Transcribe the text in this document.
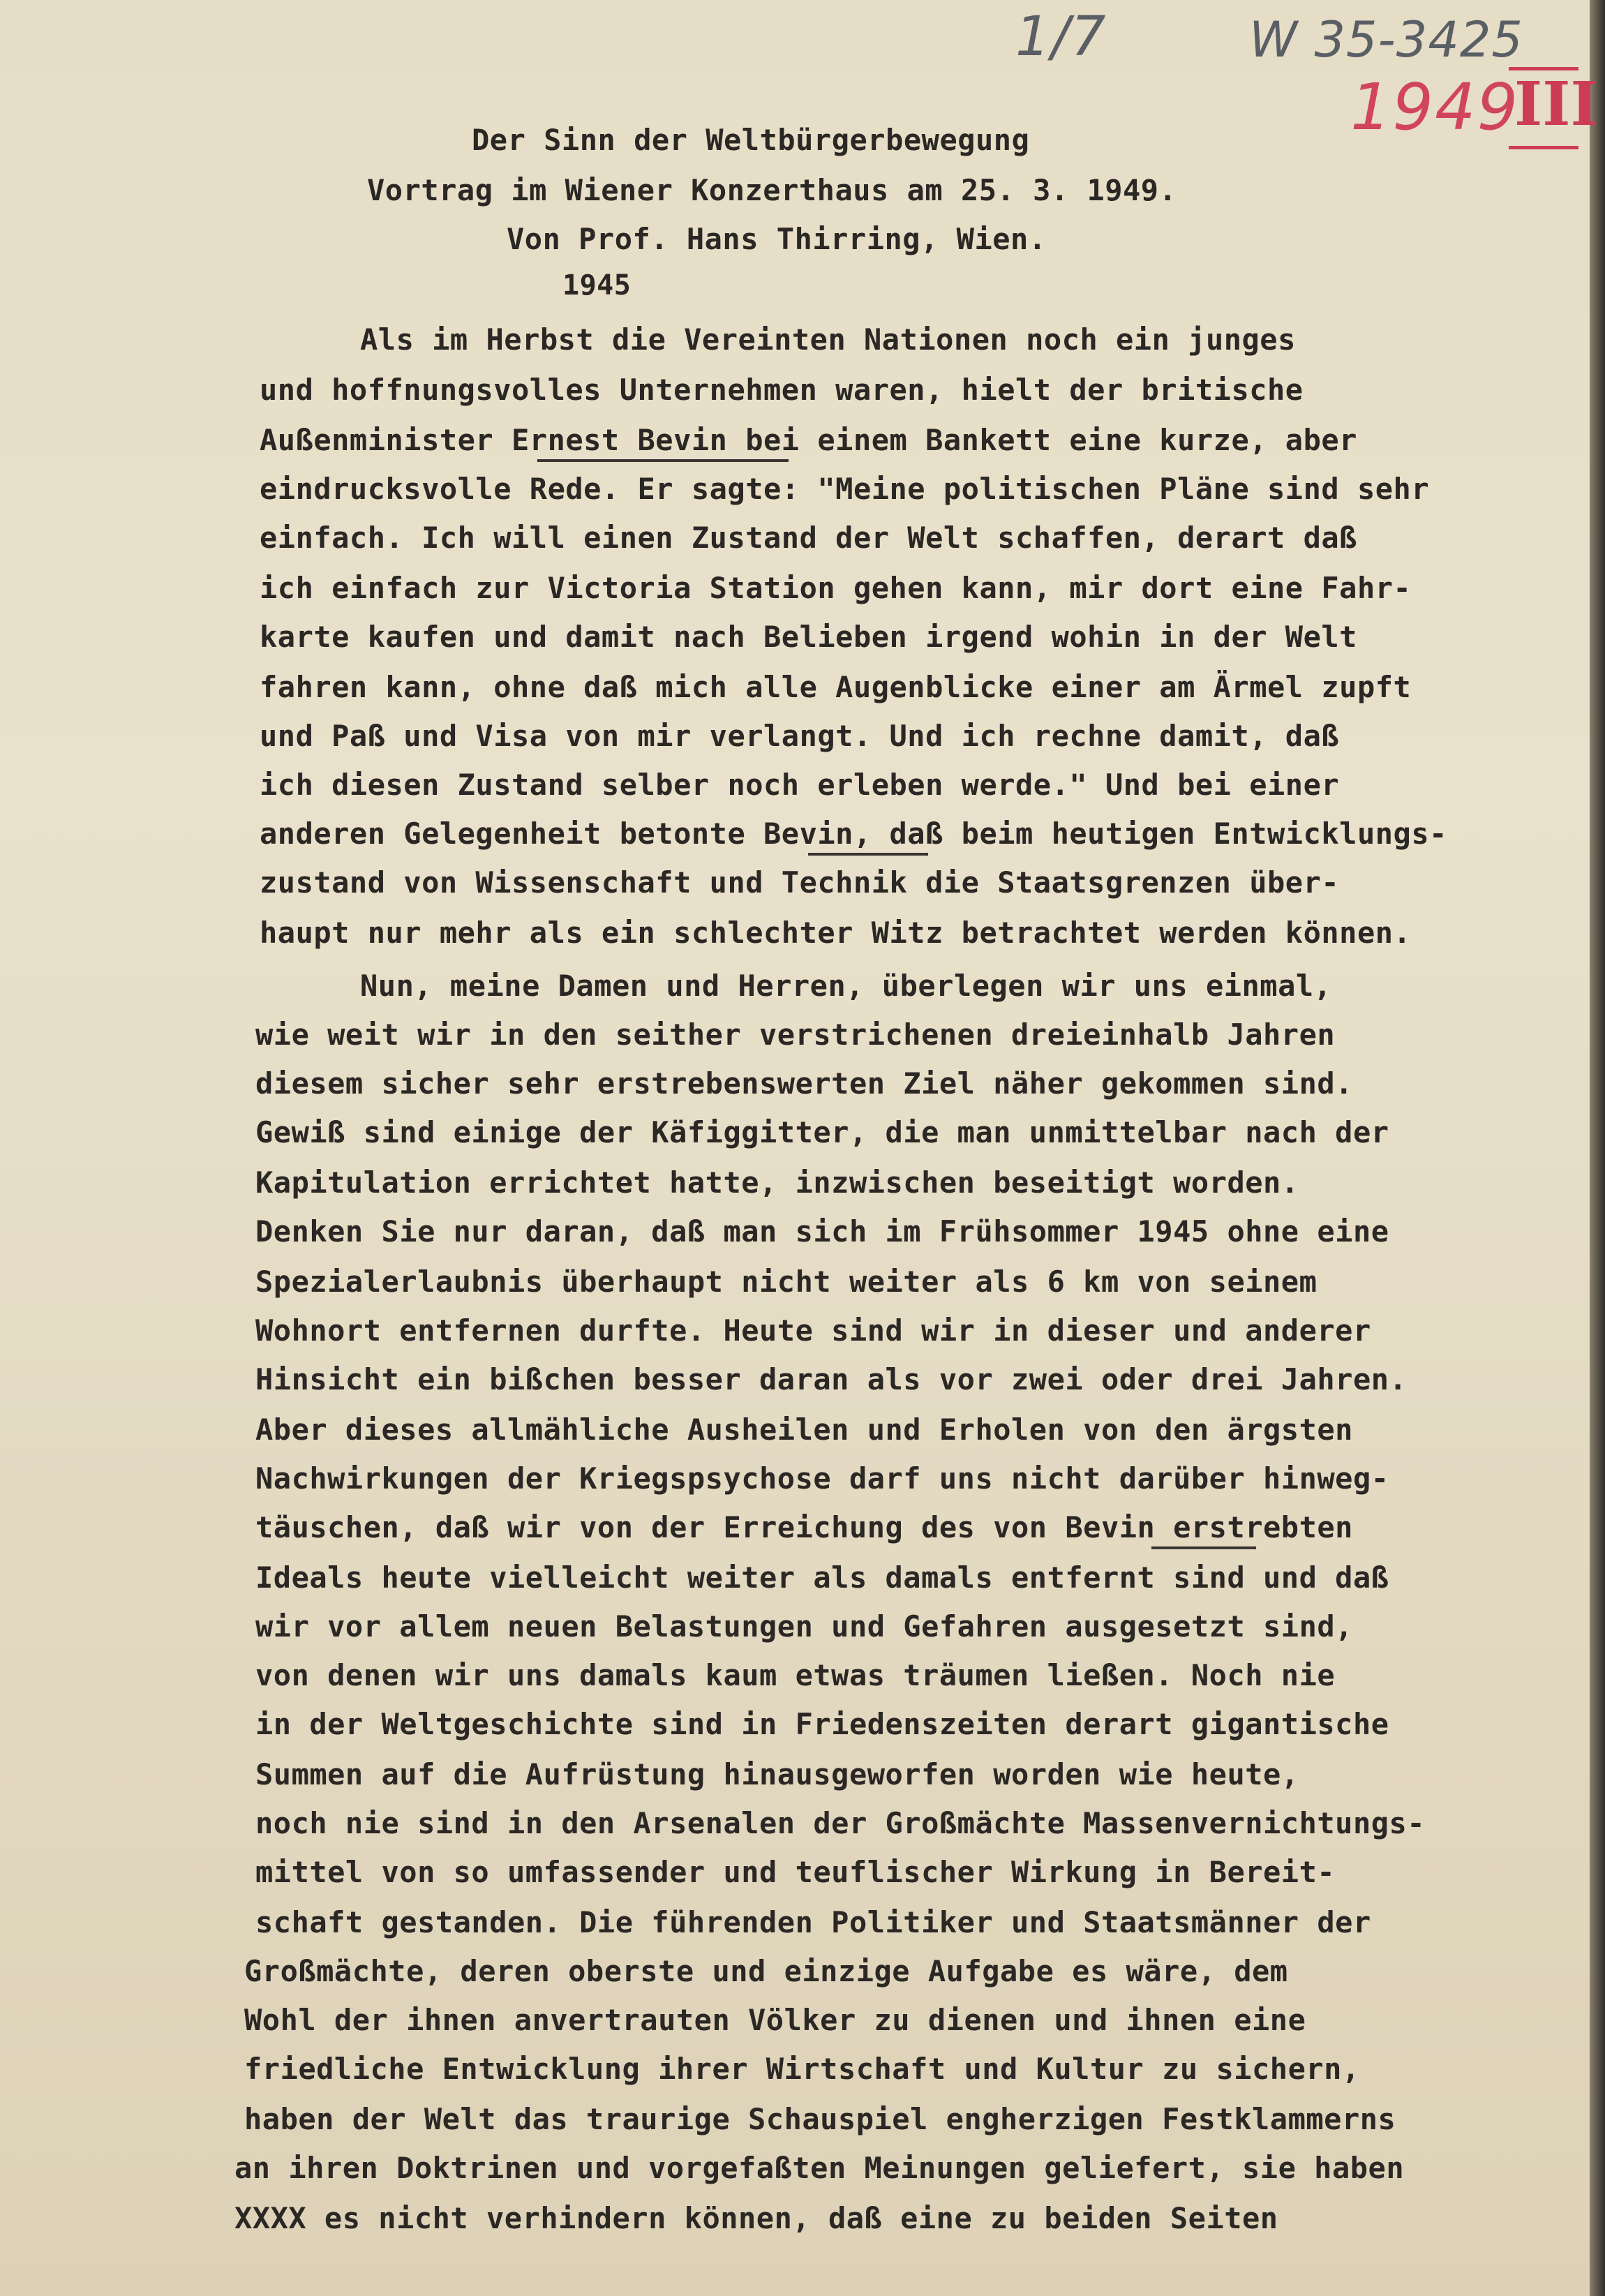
1/7	W 35-3425
1949
III
Der Sinn der Weltbürgerbewegung
Vortrag im Wiener Konzerthaus am 25. 3. 1949.
Von Prof. Hans Thirring, Wien.
1945
Als im Herbst die Vereinten Nationen noch ein junges
und hoffnungsvolles Unternehmen waren, hielt der britische
Außenminister Ernest Bevin bei einem Bankett eine kurze, aber
eindrucksvolle Rede. Er sagte: "Meine politischen Pläne sind sehr
einfach. Ich will einen Zustand der Welt schaffen, derart daß
ich einfach zur Victoria Station gehen kann, mir dort eine Fahr-
karte kaufen und damit nach Belieben irgend wohin in der Welt
fahren kann, ohne daß mich alle Augenblicke einer am Ärmel zupft
und Paß und Visa von mir verlangt. Und ich rechne damit, daß
ich diesen Zustand selber noch erleben werde." Und bei einer
anderen Gelegenheit betonte Bevin, daß beim heutigen Entwicklungs-
zustand von Wissenschaft und Technik die Staatsgrenzen über-
haupt nur mehr als ein schlechter Witz betrachtet werden können.
Nun, meine Damen und Herren, überlegen wir uns einmal,
wie weit wir in den seither verstrichenen dreieinhalb Jahren
diesem sicher sehr erstrebenswerten Ziel näher gekommen sind.
Gewiß sind einige der Käfiggitter, die man unmittelbar nach der
Kapitulation errichtet hatte, inzwischen beseitigt worden.
Denken Sie nur daran, daß man sich im Frühsommer 1945 ohne eine
Spezialerlaubnis überhaupt nicht weiter als 6 km von seinem
Wohnort entfernen durfte. Heute sind wir in dieser und anderer
Hinsicht ein bißchen besser daran als vor zwei oder drei Jahren.
Aber dieses allmähliche Ausheilen und Erholen von den ärgsten
Nachwirkungen der Kriegspsychose darf uns nicht darüber hinweg-
täuschen, daß wir von der Erreichung des von Bevin erstrebten
Ideals heute vielleicht weiter als damals entfernt sind und daß
wir vor allem neuen Belastungen und Gefahren ausgesetzt sind,
von denen wir uns damals kaum etwas träumen ließen. Noch nie
in der Weltgeschichte sind in Friedenszeiten derart gigantische
Summen auf die Aufrüstung hinausgeworfen worden wie heute,
noch nie sind in den Arsenalen der Großmächte Massenvernichtungs-
mittel von so umfassender und teuflischer Wirkung in Bereit-
schaft gestanden. Die führenden Politiker und Staatsmänner der
Großmächte, deren oberste und einzige Aufgabe es wäre, dem
Wohl der ihnen anvertrauten Völker zu dienen und ihnen eine
friedliche Entwicklung ihrer Wirtschaft und Kultur zu sichern,
haben der Welt das traurige Schauspiel engherzigen Festklammerns
an ihren Doktrinen und vorgefaßten Meinungen geliefert, sie haben
XXXX es nicht verhindern können, daß eine zu beiden Seiten
